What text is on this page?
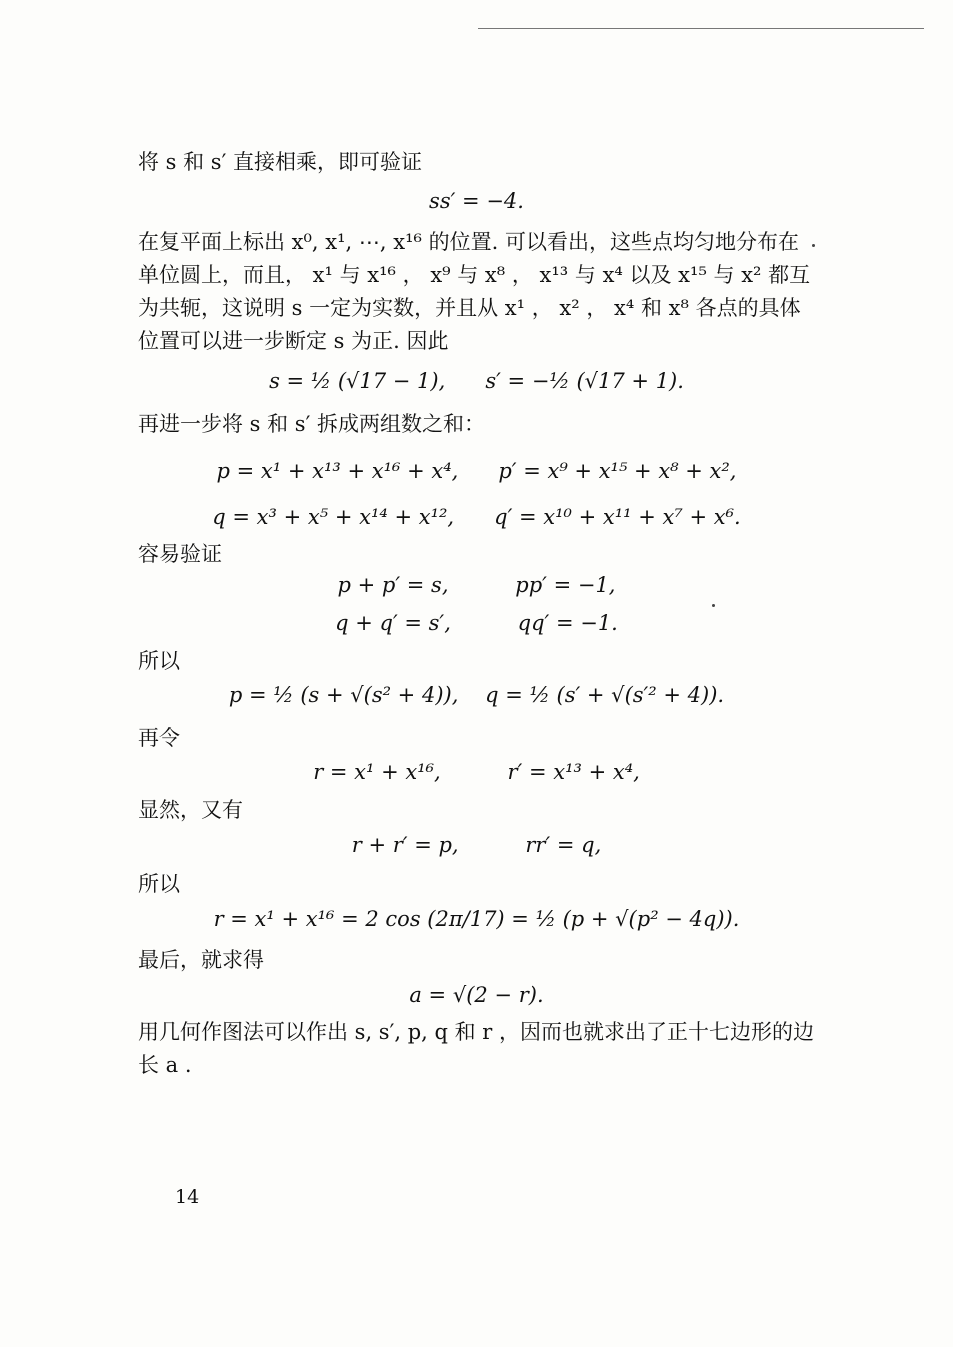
将 s 和 s′ 直接相乘，即可验证

ss′ = −4.

在复平面上标出 x⁰, x¹, ⋯, x¹⁶ 的位置. 可以看出，这些点均匀地分布在单位圆上，而且， x¹ 与 x¹⁶ ， x⁹ 与 x⁸ ， x¹³ 与 x⁴ 以及 x¹⁵ 与 x² 都互为共轭，这说明 s 一定为实数，并且从 x¹ ， x² ， x⁴ 和 x⁸ 各点的具体位置可以进一步断定 s 为正. 因此

s = ½ (√17 − 1),      s′ = −½ (√17 + 1).

再进一步将 s 和 s′ 拆成两组数之和：

p = x¹ + x¹³ + x¹⁶ + x⁴,      p′ = x⁹ + x¹⁵ + x⁸ + x²,

q = x³ + x⁵ + x¹⁴ + x¹²,      q′ = x¹⁰ + x¹¹ + x⁷ + x⁶.

容易验证

p + p′ = s,          pp′ = −1,

q + q′ = s′,          qq′ = −1.

所以

p = ½ (s + √(s² + 4)),    q = ½ (s′ + √(s′² + 4)).

再令

r = x¹ + x¹⁶,          r′ = x¹³ + x⁴,

显然，又有

r + r′ = p,          rr′ = q,

所以

r = x¹ + x¹⁶ = 2 cos (2π/17) = ½ (p + √(p² − 4q)).

最后，就求得

a = √(2 − r).

用几何作图法可以作出 s, s′, p, q 和 r ，因而也就求出了正十七边形的边长 a .

14
